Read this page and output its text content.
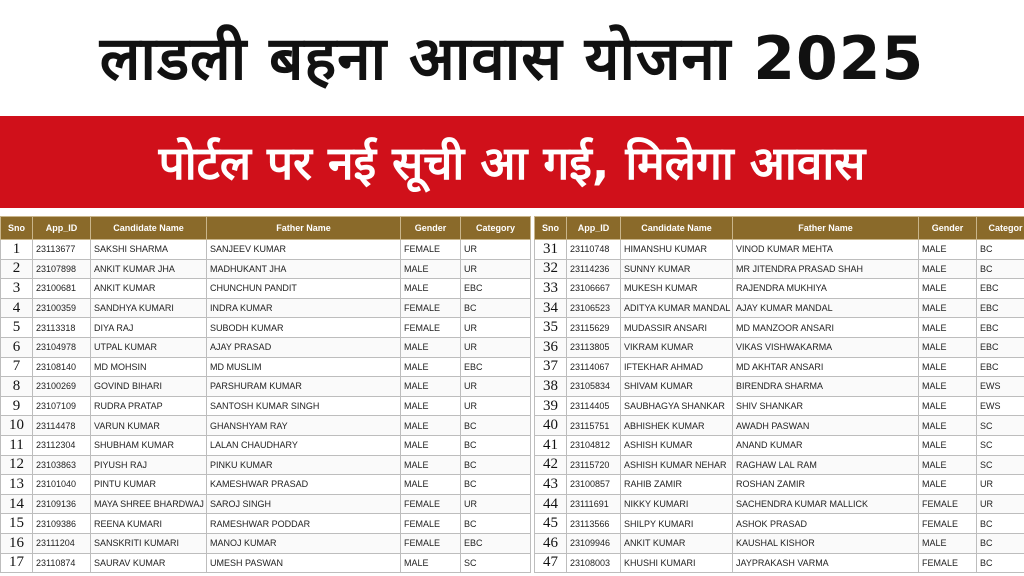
लाडली बहना आवास योजना 2025
पोर्टल पर नई सूची आ गई, मिलेगा आवास
Sno	App_ID	Candidate Name	Father Name	Gender	Category
1	23113677	SAKSHI SHARMA	SANJEEV KUMAR	FEMALE	UR
2	23107898	ANKIT KUMAR JHA	MADHUKANT JHA	MALE	UR
3	23100681	ANKIT KUMAR	CHUNCHUN PANDIT	MALE	EBC
4	23100359	SANDHYA KUMARI	INDRA KUMAR	FEMALE	BC
5	23113318	DIYA RAJ	SUBODH KUMAR	FEMALE	UR
6	23104978	UTPAL KUMAR	AJAY PRASAD	MALE	UR
7	23108140	MD MOHSIN	MD MUSLIM	MALE	EBC
8	23100269	GOVIND BIHARI	PARSHURAM KUMAR	MALE	UR
9	23107109	RUDRA PRATAP	SANTOSH KUMAR SINGH	MALE	UR
10	23114478	VARUN KUMAR	GHANSHYAM RAY	MALE	BC
11	23112304	SHUBHAM KUMAR	LALAN CHAUDHARY	MALE	BC
12	23103863	PIYUSH RAJ	PINKU KUMAR	MALE	BC
13	23101040	PINTU KUMAR	KAMESHWAR PRASAD	MALE	BC
14	23109136	MAYA SHREE BHARDWAJ	SAROJ SINGH	FEMALE	UR
15	23109386	REENA KUMARI	RAMESHWAR PODDAR	FEMALE	BC
16	23111204	SANSKRITI KUMARI	MANOJ KUMAR	FEMALE	EBC
17	23110874	SAURAV KUMAR	UMESH PASWAN	MALE	SC
Sno	App_ID	Candidate Name	Father Name	Gender	Categor
31	23110748	HIMANSHU KUMAR	VINOD KUMAR MEHTA	MALE	BC
32	23114236	SUNNY KUMAR	MR JITENDRA PRASAD SHAH	MALE	BC
33	23106667	MUKESH KUMAR	RAJENDRA MUKHIYA	MALE	EBC
34	23106523	ADITYA KUMAR MANDAL	AJAY KUMAR MANDAL	MALE	EBC
35	23115629	MUDASSIR ANSARI	MD MANZOOR ANSARI	MALE	EBC
36	23113805	VIKRAM KUMAR	VIKAS VISHWAKARMA	MALE	EBC
37	23114067	IFTEKHAR AHMAD	MD AKHTAR ANSARI	MALE	EBC
38	23105834	SHIVAM KUMAR	BIRENDRA SHARMA	MALE	EWS
39	23114405	SAUBHAGYA SHANKAR	SHIV SHANKAR	MALE	EWS
40	23115751	ABHISHEK KUMAR	AWADH PASWAN	MALE	SC
41	23104812	ASHISH KUMAR	ANAND KUMAR	MALE	SC
42	23115720	ASHISH KUMAR NEHAR	RAGHAW LAL RAM	MALE	SC
43	23100857	RAHIB ZAMIR	ROSHAN ZAMIR	MALE	UR
44	23111691	NIKKY KUMARI	SACHENDRA KUMAR MALLICK	FEMALE	UR
45	23113566	SHILPY KUMARI	ASHOK PRASAD	FEMALE	BC
46	23109946	ANKIT KUMAR	KAUSHAL KISHOR	MALE	BC
47	23108003	KHUSHI KUMARI	JAYPRAKASH VARMA	FEMALE	BC
